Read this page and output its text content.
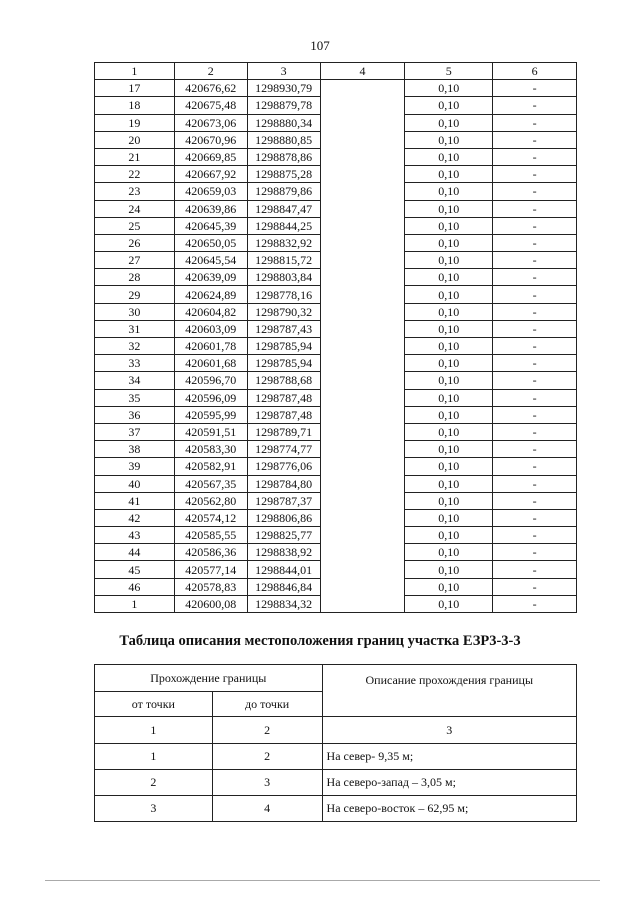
107
1	2	3	4	5	6
17	420676,62	1298930,79		0,10	-
18	420675,48	1298879,78		0,10	-
19	420673,06	1298880,34		0,10	-
20	420670,96	1298880,85		0,10	-
21	420669,85	1298878,86		0,10	-
22	420667,92	1298875,28		0,10	-
23	420659,03	1298879,86		0,10	-
24	420639,86	1298847,47		0,10	-
25	420645,39	1298844,25		0,10	-
26	420650,05	1298832,92		0,10	-
27	420645,54	1298815,72		0,10	-
28	420639,09	1298803,84		0,10	-
29	420624,89	1298778,16		0,10	-
30	420604,82	1298790,32		0,10	-
31	420603,09	1298787,43		0,10	-
32	420601,78	1298785,94		0,10	-
33	420601,68	1298785,94		0,10	-
34	420596,70	1298788,68		0,10	-
35	420596,09	1298787,48		0,10	-
36	420595,99	1298787,48		0,10	-
37	420591,51	1298789,71		0,10	-
38	420583,30	1298774,77		0,10	-
39	420582,91	1298776,06		0,10	-
40	420567,35	1298784,80		0,10	-
41	420562,80	1298787,37		0,10	-
42	420574,12	1298806,86		0,10	-
43	420585,55	1298825,77		0,10	-
44	420586,36	1298838,92		0,10	-
45	420577,14	1298844,01		0,10	-
46	420578,83	1298846,84		0,10	-
1	420600,08	1298834,32		0,10	-
Таблица описания местоположения границ участка ЕЗР3-3-3
Прохождение границы		Описание прохождения границы
от точки	до точки	
1	2	3
1	2	На север- 9,35 м;
2	3	На северо-запад – 3,05 м;
3	4	На северо-восток – 62,95 м;
